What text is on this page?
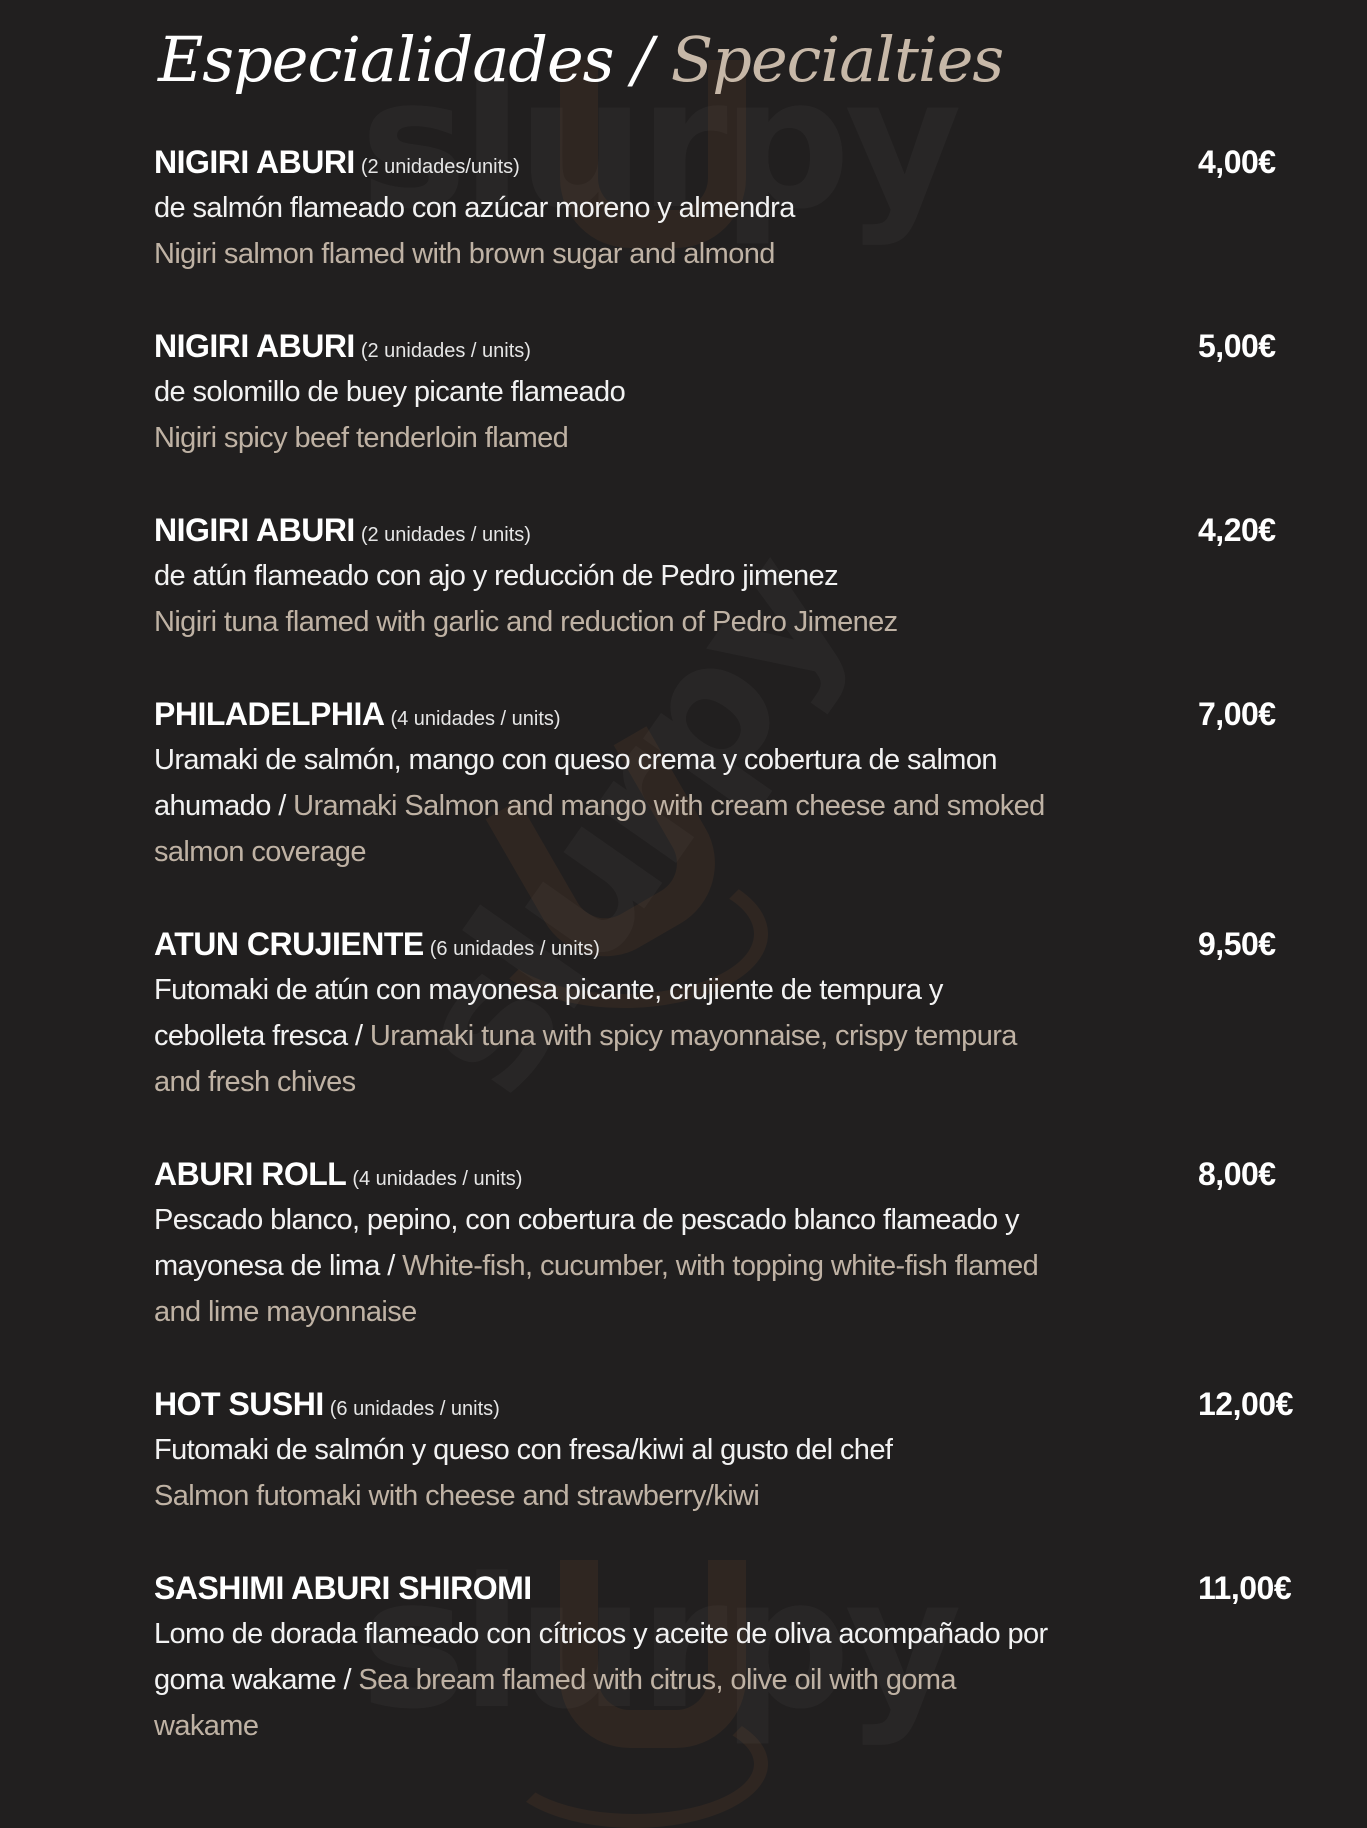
Especialidades / Specialties
NIGIRI ABURI (2 unidades/units)	4,00€

de salmón flameado con azúcar moreno y almendra
Nigiri salmon flamed with brown sugar and almond

NIGIRI ABURI (2 unidades / units)	5,00€

de solomillo de buey picante flameado
Nigiri spicy beef tenderloin flamed

NIGIRI ABURI (2 unidades / units)	4,20€

de atún flameado con ajo y reducción de Pedro jimenez
Nigiri tuna flamed with garlic and reduction of Pedro Jimenez

PHILADELPHIA (4 unidades / units)	7,00€

Uramaki de salmón, mango con queso crema y cobertura de salmon ahumado / Uramaki Salmon and mango with cream cheese and smoked salmon coverage

ATUN CRUJIENTE (6 unidades / units)	9,50€

Futomaki de atún con mayonesa picante, crujiente de tempura y cebolleta fresca / Uramaki tuna with spicy mayonnaise, crispy tempura and fresh chives

ABURI ROLL (4 unidades / units)	8,00€

Pescado blanco, pepino, con cobertura de pescado blanco flameado y mayonesa de lima / White-fish, cucumber, with topping white-fish flamed and lime mayonnaise

HOT SUSHI (6 unidades / units)	12,00€

Futomaki de salmón y queso con fresa/kiwi al gusto del chef
Salmon futomaki with cheese and strawberry/kiwi

SASHIMI ABURI SHIROMI	11,00€

Lomo de dorada flameado con cítricos y aceite de oliva acompañado por goma wakame / Sea bream flamed with citrus, olive oil with goma wakame
